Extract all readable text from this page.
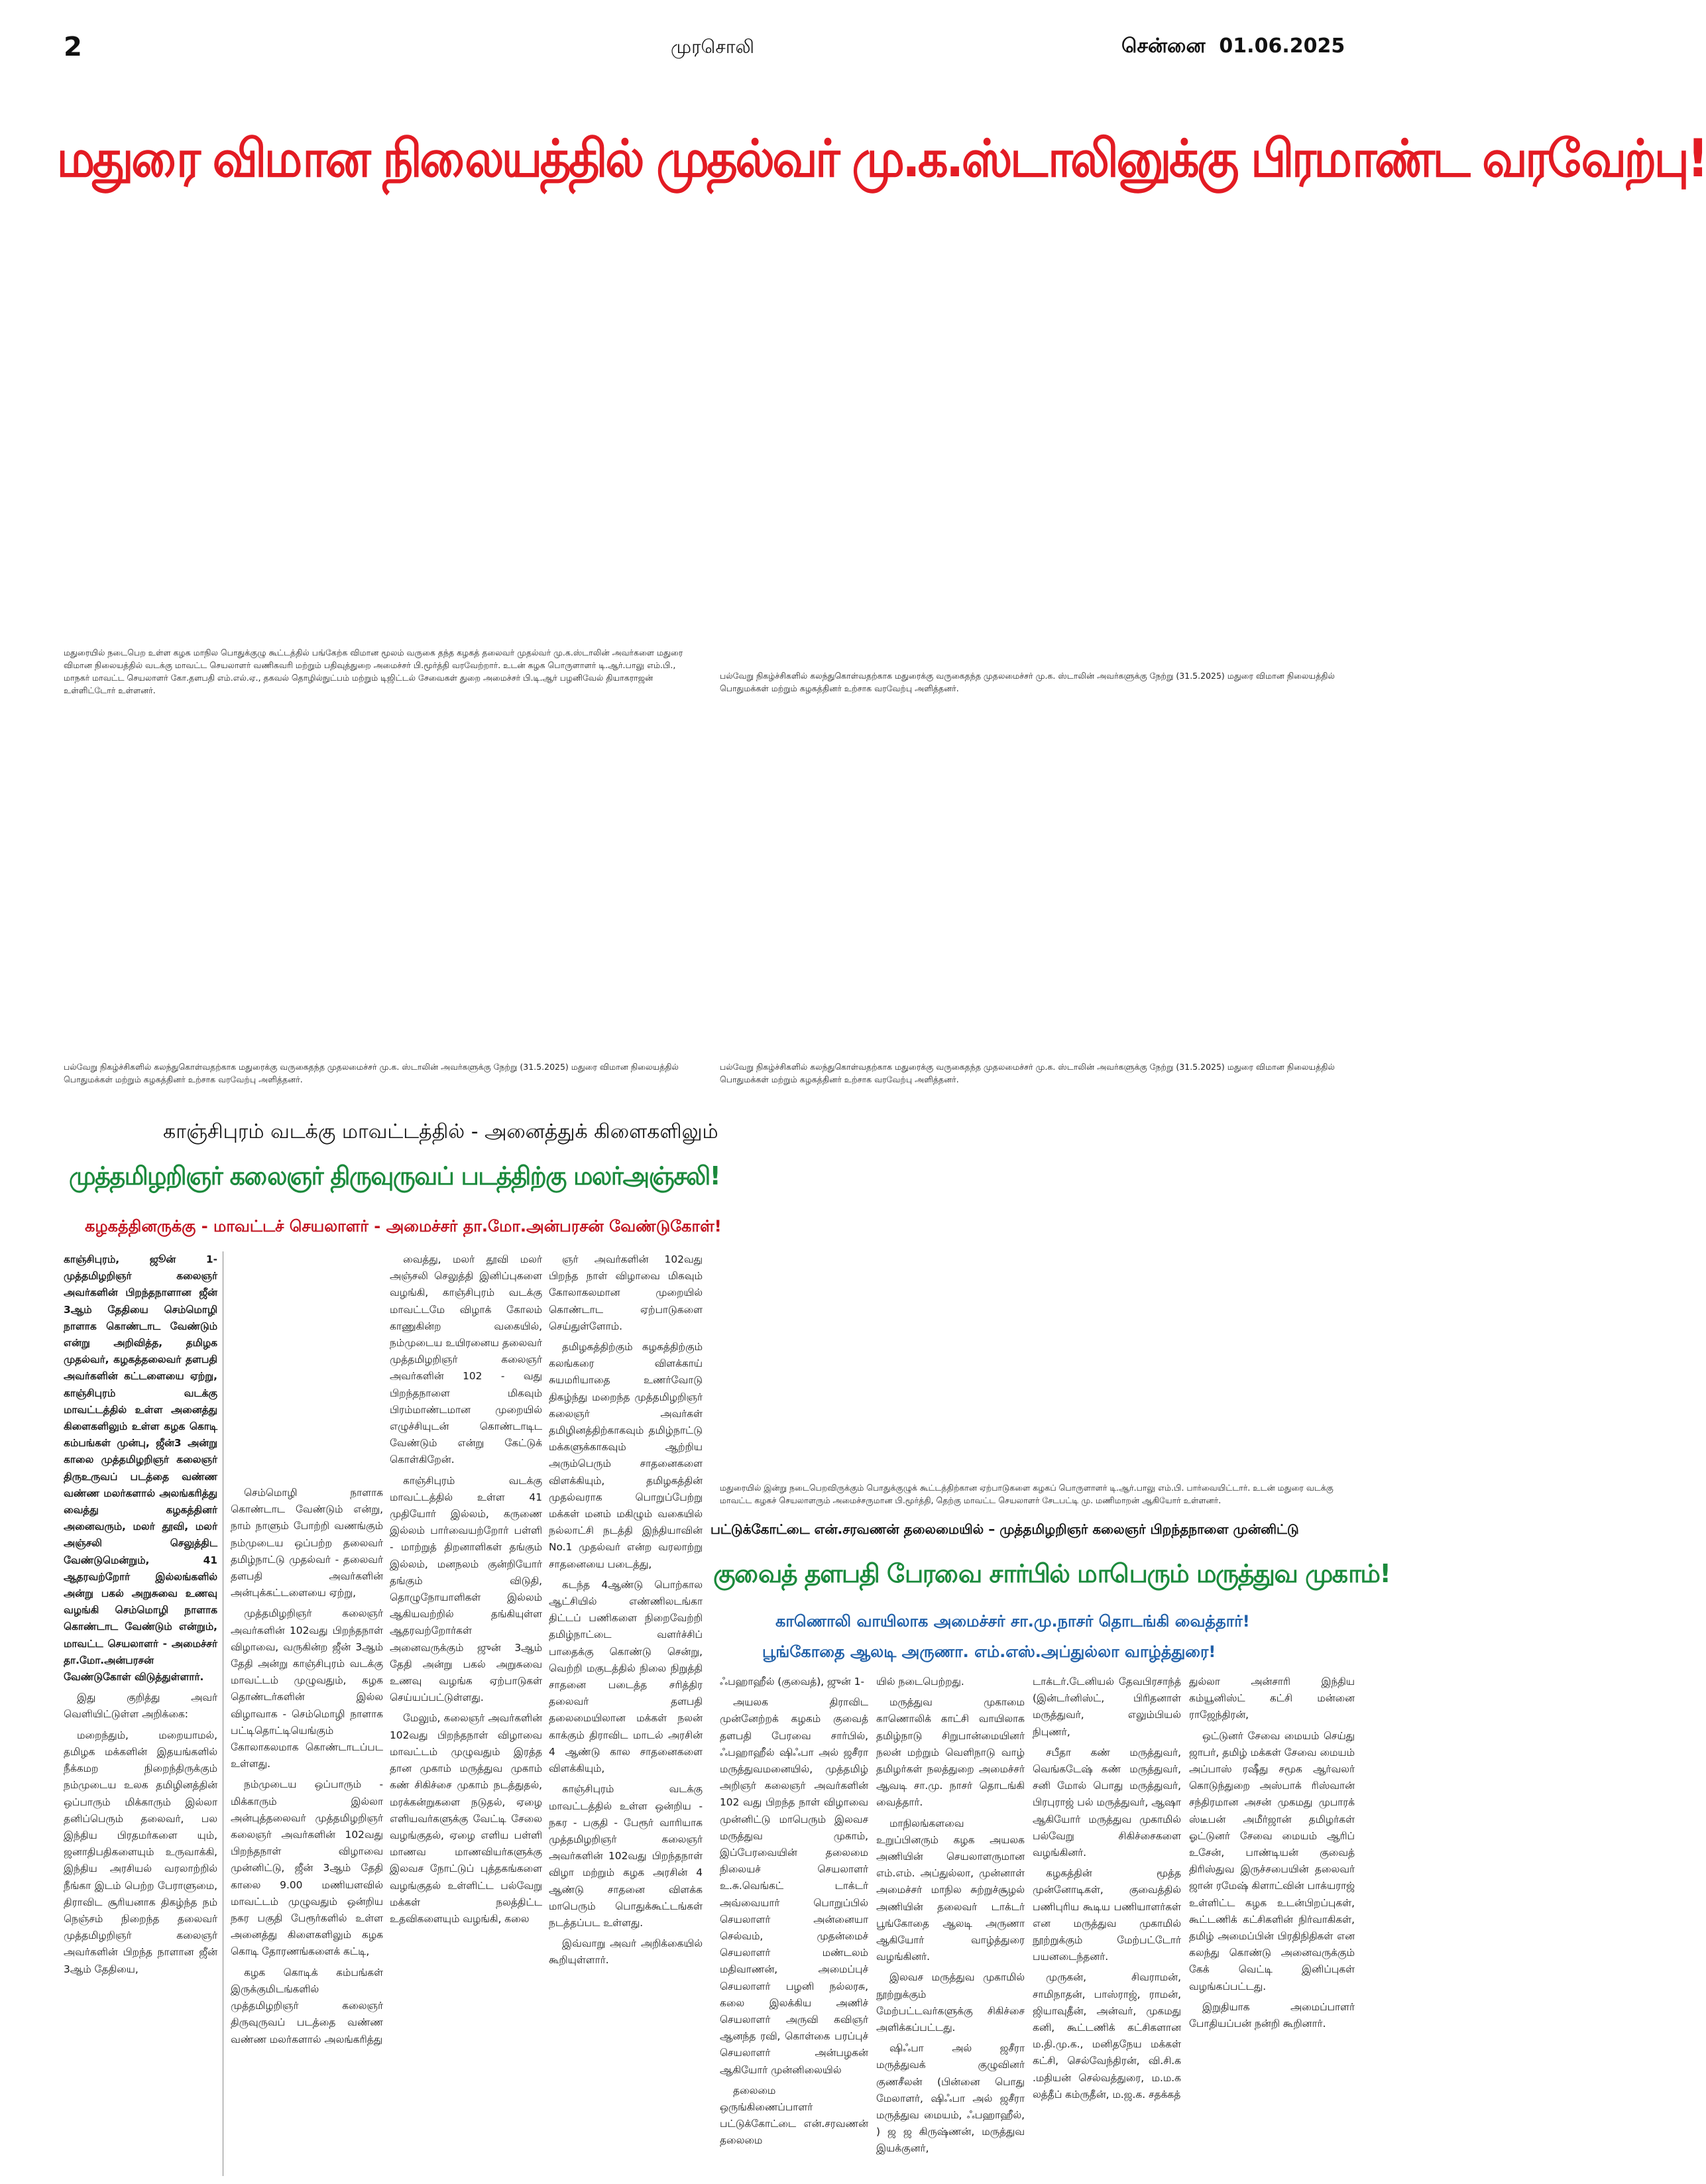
2	முரசொலி	சென்னை  01.06.2025
மதுரை விமான நிலையத்தில் முதல்வர் மு.க.ஸ்டாலினுக்கு பிரமாண்ட வரவேற்பு!
மதுரையில் நடைபெற உள்ள கழக மாநில பொதுக்குழு கூட்டத்தில் பங்கேற்க விமான மூலம் வருகை தந்த கழகத் தலைவர் முதல்வர் மு.க.ஸ்டாலின் அவர்களை மதுரை விமான நிலையத்தில் வடக்கு மாவட்ட செயலாளர் வணிகவரி மற்றும் பதிவுத்துறை அமைச்சர் பி.மூர்த்தி வரவேற்றார். உடன் கழக பொருளாளர் டி.ஆர்.பாலு எம்.பி., மாநகர் மாவட்ட செயலாளர் கோ.தளபதி எம்.எல்.ஏ., தகவல் தொழில்நுட்பம் மற்றும் டிஜிட்டல் சேவைகள் துறை அமைச்சர் பி.டி.ஆர் பழனிவேல் தியாகராஜன் உள்ளிட்டோர் உள்ளனர்.
பல்வேறு நிகழ்ச்சிகளில் கலந்துகொள்வதற்காக மதுரைக்கு வருகைதந்த முதலமைச்சர் மு.க. ஸ்டாலின் அவர்களுக்கு நேற்று (31.5.2025) மதுரை விமான நிலையத்தில் பொதுமக்கள் மற்றும் கழகத்தினர் உற்சாக வரவேற்பு அளித்தனர்.
பல்வேறு நிகழ்ச்சிகளில் கலந்துகொள்வதற்காக மதுரைக்கு வருகைதந்த முதலமைச்சர் மு.க. ஸ்டாலின் அவர்களுக்கு நேற்று (31.5.2025) மதுரை விமான நிலையத்தில் பொதுமக்கள் மற்றும் கழகத்தினர் உற்சாக வரவேற்பு அளித்தனர்.
பல்வேறு நிகழ்ச்சிகளில் கலந்துகொள்வதற்காக மதுரைக்கு வருகைதந்த முதலமைச்சர் மு.க. ஸ்டாலின் அவர்களுக்கு நேற்று (31.5.2025) மதுரை விமான நிலையத்தில் பொதுமக்கள் மற்றும் கழகத்தினர் உற்சாக வரவேற்பு அளித்தனர்.
மதுரையில் இன்று நடைபெறவிருக்கும் பொதுக்குழுக் கூட்டத்திற்கான ஏற்பாடுகளை கழகப் பொருளாளர் டி.ஆர்.பாலு எம்.பி. பார்வையிட்டார். உடன் மதுரை வடக்கு மாவட்ட கழகச் செயலாளரும் அமைச்சருமான பி.மூர்த்தி, தெற்கு மாவட்ட செயலாளர் சேடபட்டி மு. மணிமாறன் ஆகியோர் உள்ளனர்.
காஞ்சிபுரம் வடக்கு மாவட்டத்தில் - அனைத்துக் கிளைகளிலும்
முத்தமிழறிஞர் கலைஞர் திருவுருவப் படத்திற்கு மலர்அஞ்சலி!
கழகத்தினருக்கு - மாவட்டச் செயலாளர் - அமைச்சர் தா.மோ.அன்பரசன் வேண்டுகோள்!

காஞ்சிபுரம், ஜூன் 1- முத்தமிழறிஞர் கலைஞர் அவர்களின் பிறந்தநாளான ஜீன் 3ஆம் தேதியை செம்மொழி நாளாக கொண்டாட வேண்டும் என்று அறிவித்த, தமிழக முதல்வர், கழகத்தலைவர் தளபதி அவர்களின் கட்டளையை ஏற்று, காஞ்சிபுரம் வடக்கு மாவட்டத்தில் உள்ள அனைத்து கிளைகளிலும் உள்ள கழக கொடி கம்பங்கள் முன்பு, ஜீன்3 அன்று காலை முத்தமிழறிஞர் கலைஞர் திருஉருவப் படத்தை வண்ண வண்ண மலர்களால் அலங்கரித்து வைத்து கழகத்தினர் அனைவரும், மலர் தூவி, மலர் அஞ்சலி செலுத்திட வேண்டுமென்றும், 41 ஆதரவற்றோர் இல்லங்களில் அன்று பகல் அறுசுவை உணவு வழங்கி செம்மொழி நாளாக கொண்டாட வேண்டும் என்றும், மாவட்ட செயலாளர் - அமைச்சர் தா.மோ.அன்பரசன் வேண்டுகோள் விடுத்துள்ளார்.

இது குறித்து அவர் வெளியிட்டுள்ள அறிக்கை:

மறைந்தும், மறையாமல், தமிழக மக்களின் இதயங்களில் நீக்கமற நிறைந்திருக்கும் நம்முடைய உலக தமிழினத்தின் ஒப்பாரும் மிக்காரும் இல்லா தனிப்பெரும் தலைவர், பல இந்திய பிரதமர்களை யும், ஜனாதிபதிகளையும் உருவாக்கி, இந்திய அரசியல் வரலாற்றில் நீங்கா இடம் பெற்ற பேராளுமை, திராவிட சூரியனாக திகழ்ந்த நம் நெஞ்சம் நிறைந்த தலைவர் முத்தமிழறிஞர் கலைஞர் அவர்களின் பிறந்த நாளான ஜீன் 3ஆம் தேதியை,

செம்மொழி நாளாக கொண்டாட வேண்டும் என்று, நாம் நாளும் போற்றி வணங்கும் நம்முடைய ஒப்பற்ற தலைவர் தமிழ்நாட்டு முதல்வர் - தலைவர் தளபதி அவர்களின் அன்புக்கட்டளையை ஏற்று,

முத்தமிழறிஞர் கலைஞர் அவர்களின் 102வது பிறந்தநாள் விழாவை, வருகின்ற ஜீன் 3ஆம் தேதி அன்று காஞ்சிபுரம் வடக்கு மாவட்டம் முழுவதும், கழக தொண்டர்களின் இல்ல விழாவாக - செம்மொழி நாளாக பட்டிதொட்டியெங்கும் கோலாகலமாக கொண்டாடப்பட உள்ளது.

நம்முடைய ஒப்பாரும் - மிக்காரும் இல்லா அன்புத்தலைவர் முத்தமிழறிஞர் கலைஞர் அவர்களின் 102வது பிறந்தநாள் விழாவை முன்னிட்டு, ஜீன் 3ஆம் தேதி காலை 9.00 மணியளவில் மாவட்டம் முழுவதும் ஒன்றிய நகர பகுதி பேரூர்களில் உள்ள அனைத்து கிளைகளிலும் கழக கொடி தோரணங்களைக் கட்டி,

கழக கொடிக் கம்பங்கள் இருக்குமிடங்களில் முத்தமிழறிஞர் கலைஞர் திருவுருவப் படத்தை வண்ண வண்ண மலர்களால் அலங்கரித்து

வைத்து, மலர் தூவி மலர் அஞ்சலி செலுத்தி இனிப்புகளை வழங்கி, காஞ்சிபுரம் வடக்கு மாவட்டமே விழாக் கோலம் காணுகின்ற வகையில், நம்முடைய உயிரனைய தலைவர் முத்தமிழறிஞர் கலைஞர் அவர்களின் 102 - வது பிறந்தநாளை மிகவும் பிரம்மாண்டமான முறையில் எழுச்சியுடன் கொண்டாடிட வேண்டும் என்று கேட்டுக் கொள்கிறேன்.

காஞ்சிபுரம் வடக்கு மாவட்டத்தில் உள்ள 41 முதியோர் இல்லம், கருணை இல்லம் பார்வையற்றோர் பள்ளி - மாற்றுத் திறனாளிகள் தங்கும் இல்லம், மனநலம் குன்றியோர் தங்கும் விடுதி, தொழுநோயாளிகள் இல்லம் ஆகியவற்றில் தங்கியுள்ள ஆதரவற்றோர்கள் அனைவருக்கும் ஜுன் 3ஆம் தேதி அன்று பகல் அறுசுவை உணவு வழங்க ஏற்பாடுகள் செய்யப்பட்டுள்ளது.

மேலும், கலைஞர் அவர்களின் 102வது பிறந்தநாள் விழாவை மாவட்டம் முழுவதும் இரத்த தான முகாம் மருத்துவ முகாம் கண் சிகிச்சை முகாம் நடத்துதல், மரக்கன்றுகளை நடுதல், ஏழை எளியவர்களுக்கு வேட்டி சேலை வழங்குதல், ஏழை எளிய பள்ளி மாணவ மாணவியர்களுக்கு இலவச நோட்டுப் புத்தகங்களை வழங்குதல் உள்ளிட்ட பல்வேறு மக்கள் நலத்திட்ட உதவிகளையும் வழங்கி, கலை

ஞர் அவர்களின் 102வது பிறந்த நாள் விழாவை மிகவும் கோலாகலமான முறையில் கொண்டாட ஏற்பாடுகளை செய்துள்ளோம்.

தமிழகத்திற்கும் கழகத்திற்கும் கலங்கரை விளக்காய் சுயமரியாதை உணர்வோடு திகழ்ந்து மறைந்த முத்தமிழறிஞர் கலைஞர் அவர்கள் தமிழினத்திற்காகவும் தமிழ்நாட்டு மக்களுக்காகவும் ஆற்றிய அரும்பெரும் சாதனைகளை விளக்கியும், தமிழகத்தின் முதல்வராக பொறுப்பேற்று மக்கள் மனம் மகிழும் வகையில் நல்லாட்சி நடத்தி இந்தியாவின் No.1 முதல்வர் என்ற வரலாற்று சாதனையை படைத்து,

கடந்த 4ஆண்டு பொற்கால ஆட்சியில் எண்ணிலடங்கா திட்டப் பணிகளை நிறைவேற்றி தமிழ்நாட்டை வளர்ச்சிப் பாதைக்கு கொண்டு சென்று, வெற்றி மகுடத்தில் நிலை நிறுத்தி சாதனை படைத்த சரித்திர தலைவர் தளபதி தலைமையிலான மக்கள் நலன் காக்கும் திராவிட மாடல் அரசின் 4 ஆண்டு கால சாதனைகளை விளக்கியும்,

காஞ்சிபுரம் வடக்கு மாவட்டத்தில் உள்ள ஒன்றிய - நகர - பகுதி - பேரூர் வாரியாக முத்தமிழறிஞர் கலைஞர் அவர்களின் 102வது பிறந்தநாள் விழா மற்றும் கழக அரசின் 4 ஆண்டு சாதனை விளக்க மாபெரும் பொதுக்கூட்டங்கள் நடத்தப்பட உள்ளது.

இவ்வாறு அவர் அறிக்கையில் கூறியுள்ளார்.

பட்டுக்கோட்டை என்.சரவணன் தலைமையில் – முத்தமிழறிஞர் கலைஞர் பிறந்தநாளை முன்னிட்டு
குவைத் தளபதி பேரவை சார்பில் மாபெரும் மருத்துவ முகாம்!
காணொலி வாயிலாக அமைச்சர் சா.மு.நாசர் தொடங்கி வைத்தார்!
பூங்கோதை ஆலடி அருணா. எம்.எஸ்.அப்துல்லா வாழ்த்துரை!

ஃபஹாஹீல் (குவைத்), ஜுன் 1-

அயலக திராவிட முன்னேற்றக் கழகம் குவைத் தளபதி பேரவை சார்பில், ஃபஹாஹீல் ஷிஃபா அல் ஜசீரா மருத்துவமனையில், முத்தமிழ் அறிஞர் கலைஞர் அவர்களின் 102 வது பிறந்த நாள் விழாவை முன்னிட்டு மாபெரும் இலவச மருத்துவ முகாம், இப்பேரவையின் தலைமை நிலையச் செயலாளர் உ.சு.வெங்கட் டாக்டர் அவ்வையார் பொறுப்பில் செயலாளர் அன்னையா செல்வம், முதன்மைச் செயலாளர் மண்டலம் மதிவாணன், அமைப்புச் செயலாளர் பழனி நல்லரசு, கலை இலக்கிய அணிச் செயலாளர் அருவி கவிஞர் ஆனந்த ரவி, கொள்கை பரப்புச் செயலாளர் அன்பழகன் ஆகியோர் முன்னிலையில்

தலைமை ஒருங்கிணைப்பாளர் பட்டுக்கோட்டை என்.சரவணன் தலைமை

யில் நடைபெற்றது.

மருத்துவ முகாமை காணொலிக் காட்சி வாயிலாக தமிழ்நாடு சிறுபான்மையினர் நலன் மற்றும் வெளிநாடு வாழ் தமிழர்கள் நலத்துறை அமைச்சர் ஆவடி சா.மு. நாசர் தொடங்கி வைத்தார்.

மாநிலங்களவை உறுப்பினரும் கழக அயலக அணியின் செயலாளருமான எம்.எம். அப்துல்லா, முன்னாள் அமைச்சர் மாநில சுற்றுச்சூழல் அணியின் தலைவர் டாக்டர் பூங்கோதை ஆலடி அருணா ஆகியோர் வாழ்த்துரை வழங்கினர்.

இலவச மருத்துவ முகாமில் நூற்றுக்கும் மேற்பட்டவர்களுக்கு சிகிச்சை அளிக்கப்பட்டது.

ஷிஃபா அல் ஜசீரா மருத்துவக் குழுவினர் குணசீலன் (பின்னை பொது மேலாளர், ஷிஃபா அல் ஜசீரா மருத்துவ மையம், ஃபஹாஹீல், ) ஜ ஜ கிருஷ்ணன், மருத்துவ இயக்குனர்,

டாக்டர்.டேனியல் தேவபிரசாந்த் (இன்டர்னிஸ்ட், பிரிதனாள் மருத்துவர், எலும்பியல் நிபுணர்,

சபீதா கண் மருத்துவர், வெங்கடேஷ் கண் மருத்துவர், சனி மோல் பொது மருத்துவர், பிரபுராஜ் பல் மருத்துவர், ஆஷா ஆகியோர் மருத்துவ முகாமில் பல்வேறு சிகிச்சைகளை வழங்கினர்.

கழகத்தின் மூத்த முன்னோடிகள், குவைத்தில் பணிபுரிய கூடிய பணியாளர்கள் என மருத்துவ முகாமில் நூற்றுக்கும் மேற்பட்டோர் பயனடைந்தனர்.

முருகன், சிவராமன், சாமிநாதன், பாஸ்ராஜ், ராமன், ஜியாவுதீன், அன்வர், முகமது கனி, கூட்டணிக் கட்சிகளான ம.தி.மு.க., மனிதநேய மக்கள் கட்சி, செல்வேந்திரன், வி.சி.க .மதியன் செல்வத்துரை, ம.ம.க லத்தீப் கம்ருதீன், ம.ஜ.க. சதக்கத்

துல்லா அன்சாரி இந்திய கம்யூனிஸ்ட் கட்சி மன்னை ராஜேந்திரன்,

ஒட்டுனர் சேவை மையம் செய்து ஜாபர், தமிழ் மக்கள் சேவை மையம் அப்பாஸ் ரஷீது சமூக ஆர்வலர் கொடுந்துறை அஸ்பாக் ரிஸ்வான் சந்திரமான அசன் முகமது முபாரக் ஸ்டீபன் அமீர்ஜான் தமிழர்கள் ஓட்டுனர் சேவை மையம் ஆரிப் உசேன், பாண்டியன் குவைத் திரிஸ்துவ இருச்சபையின் தலைவர் ஜான் ரமேஷ் கிளாட்வின் பாக்யராஜ் உள்ளிட்ட கழக உடன்பிறப்புகள், கூட்டணிக் கட்சிகளின் நிர்வாகிகள், தமிழ் அமைப்பின் பிரதிநிதிகள் என கலந்து கொண்டு அனைவருக்கும் கேக் வெட்டி இனிப்புகள் வழங்கப்பட்டது.

இறுதியாக அமைப்பாளர் போதியப்பன் நன்றி கூறினார்.
